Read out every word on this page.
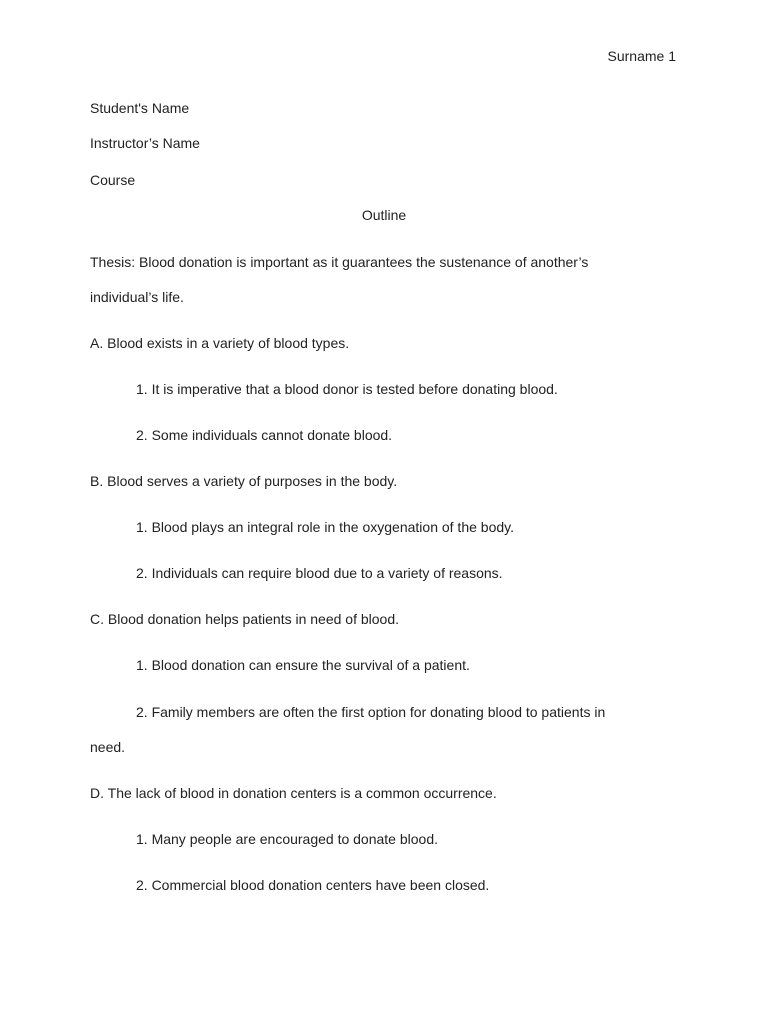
Surname 1
Student's Name
Instructor’s Name
Course
Outline
Thesis: Blood donation is important as it guarantees the sustenance of another’s
individual’s life.
A. Blood exists in a variety of blood types.
1. It is imperative that a blood donor is tested before donating blood.
2. Some individuals cannot donate blood.
B. Blood serves a variety of purposes in the body.
1. Blood plays an integral role in the oxygenation of the body.
2. Individuals can require blood due to a variety of reasons.
C. Blood donation helps patients in need of blood.
1. Blood donation can ensure the survival of a patient.
2. Family members are often the first option for donating blood to patients in
need.
D. The lack of blood in donation centers is a common occurrence.
1. Many people are encouraged to donate blood.
2. Commercial blood donation centers have been closed.
